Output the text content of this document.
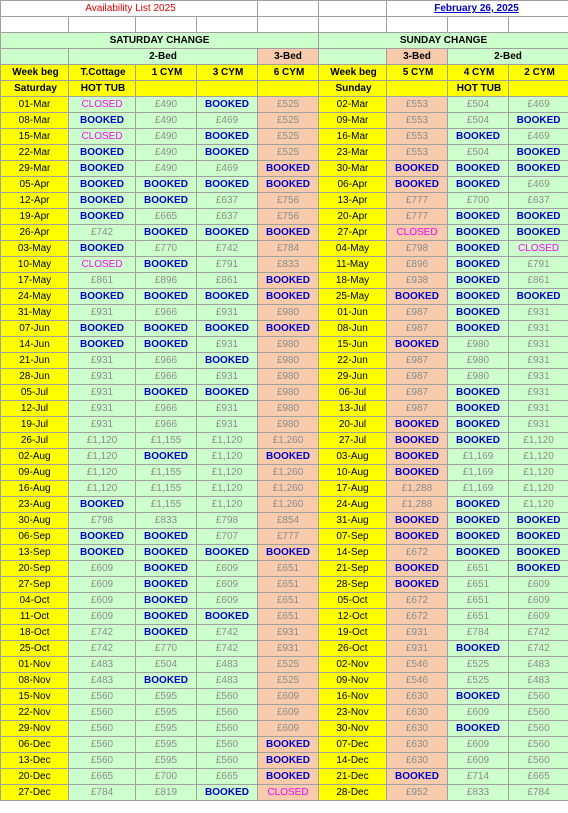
Availability List 2025						February 26, 2025		

SATURDAY CHANGE					SUNDAY CHANGE			
	2-Bed			3-Bed		3-Bed	2-Bed	
Week beg	T.Cottage	1 CYM	3 CYM	6 CYM	Week beg	5 CYM	4 CYM	2 CYM
Saturday	HOT TUB				Sunday		HOT TUB	
01-Mar	CLOSED	£490	BOOKED	£525	02-Mar	£553	£504	£469
08-Mar	BOOKED	£490	£469	£525	09-Mar	£553	£504	BOOKED
15-Mar	CLOSED	£490	BOOKED	£525	16-Mar	£553	BOOKED	£469
22-Mar	BOOKED	£490	BOOKED	£525	23-Mar	£553	£504	BOOKED
29-Mar	BOOKED	£490	£469	BOOKED	30-Mar	BOOKED	BOOKED	BOOKED
05-Apr	BOOKED	BOOKED	BOOKED	BOOKED	06-Apr	BOOKED	BOOKED	£469
12-Apr	BOOKED	BOOKED	£637	£756	13-Apr	£777	£700	£637
19-Apr	BOOKED	£665	£637	£756	20-Apr	£777	BOOKED	BOOKED
26-Apr	£742	BOOKED	BOOKED	BOOKED	27-Apr	CLOSED	BOOKED	BOOKED
03-May	BOOKED	£770	£742	£784	04-May	£798	BOOKED	CLOSED
10-May	CLOSED	BOOKED	£791	£833	11-May	£896	BOOKED	£791
17-May	£861	£896	£861	BOOKED	18-May	£938	BOOKED	£861
24-May	BOOKED	BOOKED	BOOKED	BOOKED	25-May	BOOKED	BOOKED	BOOKED
31-May	£931	£966	£931	£980	01-Jun	£987	BOOKED	£931
07-Jun	BOOKED	BOOKED	BOOKED	BOOKED	08-Jun	£987	BOOKED	£931
14-Jun	BOOKED	BOOKED	£931	£980	15-Jun	BOOKED	£980	£931
21-Jun	£931	£966	BOOKED	£980	22-Jun	£987	£980	£931
28-Jun	£931	£966	£931	£980	29-Jun	£987	£980	£931
05-Jul	£931	BOOKED	BOOKED	£980	06-Jul	£987	BOOKED	£931
12-Jul	£931	£966	£931	£980	13-Jul	£987	BOOKED	£931
19-Jul	£931	£966	£931	£980	20-Jul	BOOKED	BOOKED	£931
26-Jul	£1,120	£1,155	£1,120	£1,260	27-Jul	BOOKED	BOOKED	£1,120
02-Aug	£1,120	BOOKED	£1,120	BOOKED	03-Aug	BOOKED	£1,169	£1,120
09-Aug	£1,120	£1,155	£1,120	£1,260	10-Aug	BOOKED	£1,169	£1,120
16-Aug	£1,120	£1,155	£1,120	£1,260	17-Aug	£1,288	£1,169	£1,120
23-Aug	BOOKED	£1,155	£1,120	£1,260	24-Aug	£1,288	BOOKED	£1,120
30-Aug	£798	£833	£798	£854	31-Aug	BOOKED	BOOKED	BOOKED
06-Sep	BOOKED	BOOKED	£707	£777	07-Sep	BOOKED	BOOKED	BOOKED
13-Sep	BOOKED	BOOKED	BOOKED	BOOKED	14-Sep	£672	BOOKED	BOOKED
20-Sep	£609	BOOKED	£609	£651	21-Sep	BOOKED	£651	BOOKED
27-Sep	£609	BOOKED	£609	£651	28-Sep	BOOKED	£651	£609
04-Oct	£609	BOOKED	£609	£651	05-Oct	£672	£651	£609
11-Oct	£609	BOOKED	BOOKED	£651	12-Oct	£672	£651	£609
18-Oct	£742	BOOKED	£742	£931	19-Oct	£931	£784	£742
25-Oct	£742	£770	£742	£931	26-Oct	£931	BOOKED	£742
01-Nov	£483	£504	£483	£525	02-Nov	£546	£525	£483
08-Nov	£483	BOOKED	£483	£525	09-Nov	£546	£525	£483
15-Nov	£560	£595	£560	£609	16-Nov	£630	BOOKED	£560
22-Nov	£560	£595	£560	£609	23-Nov	£630	£609	£560
29-Nov	£560	£595	£560	£609	30-Nov	£630	BOOKED	£560
06-Dec	£560	£595	£560	BOOKED	07-Dec	£630	£609	£560
13-Dec	£560	£595	£560	BOOKED	14-Dec	£630	£609	£560
20-Dec	£665	£700	£665	BOOKED	21-Dec	BOOKED	£714	£665
27-Dec	£784	£819	BOOKED	CLOSED	28-Dec	£952	£833	£784
